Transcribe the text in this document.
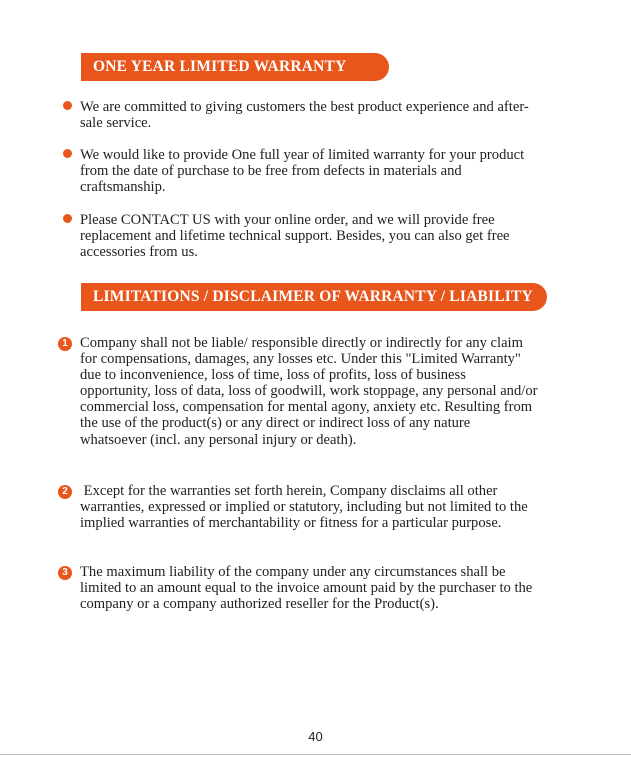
ONE YEAR LIMITED WARRANTY

We are committed to giving customers the best product experience and after-sale service.

We would like to provide One full year of limited warranty for your product from the date of purchase to be free from defects in materials and craftsmanship.

Please CONTACT US with your online order, and we will provide free replacement and lifetime technical support. Besides, you can also get free accessories from us.

LIMITATIONS / DISCLAIMER OF WARRANTY / LIABILITY
1 Company shall not be liable/ responsible directly or indirectly for any claim for compensations, damages, any losses etc. Under this "Limited Warranty" due to inconvenience, loss of time, loss of profits, loss of business opportunity, loss of data, loss of goodwill, work stoppage, any personal and/or commercial loss, compensation for mental agony, anxiety etc. Resulting from the use of the product(s) or any direct or indirect loss of any nature whatsoever (incl. any personal injury or death).

2 Except for the warranties set forth herein, Company disclaims all other warranties, expressed or implied or statutory, including but not limited to the implied warranties of merchantability or fitness for a particular purpose.

3 The maximum liability of the company under any circumstances shall be limited to an amount equal to the invoice amount paid by the purchaser to the company or a company authorized reseller for the Product(s).

40
